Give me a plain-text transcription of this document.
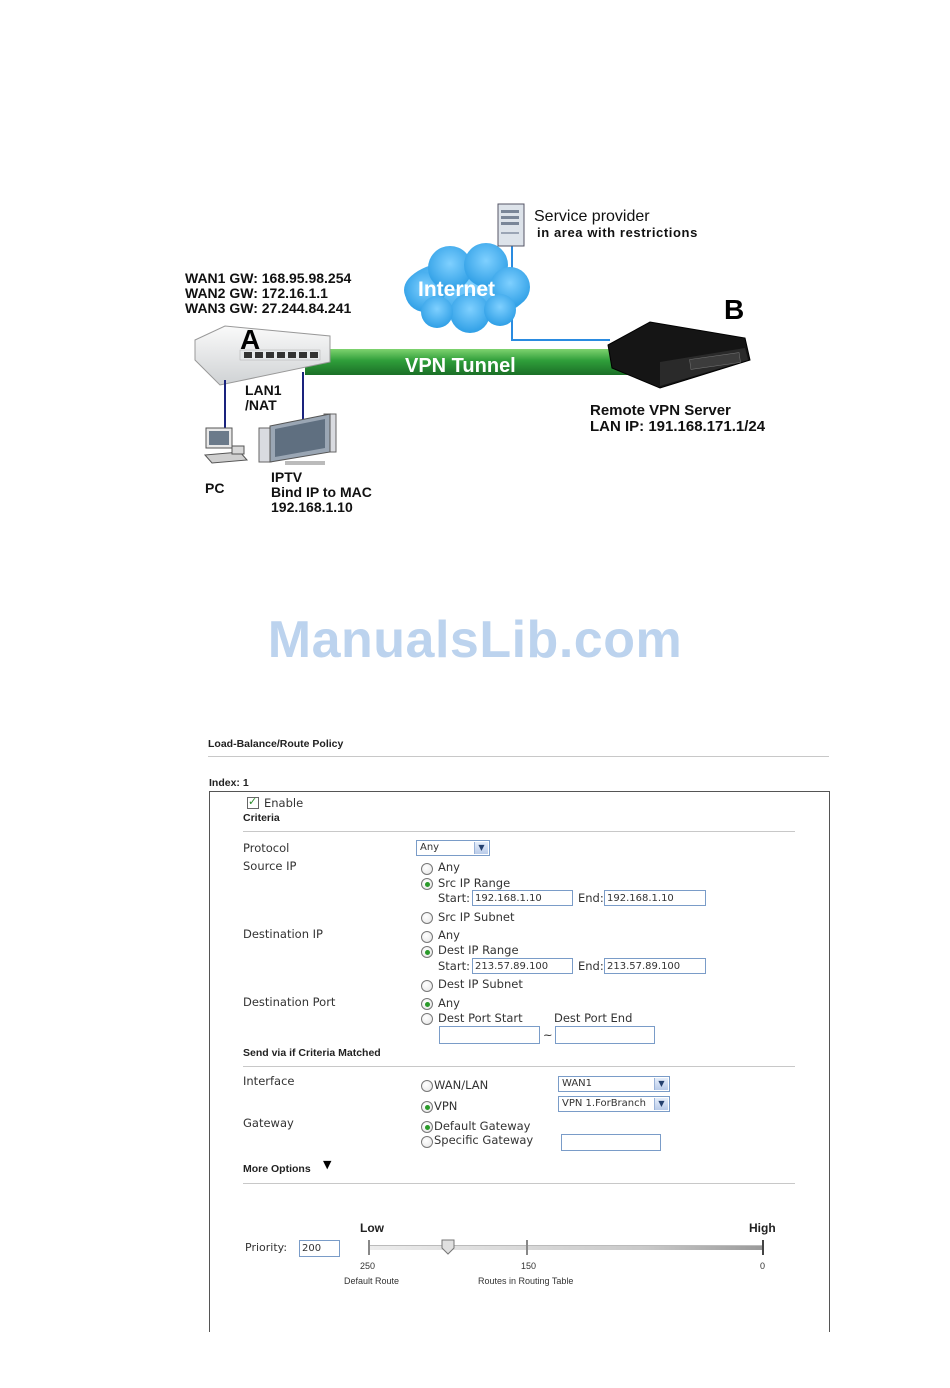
WAN1 GW: 168.95.98.254
WAN2 GW: 172.16.1.1
WAN3 GW: 27.244.84.241
A
B
Internet
VPN Tunnel
Service provider
in area with restrictions
LAN1
/NAT
PC
IPTV
Bind IP to MAC
192.168.1.10
Remote VPN Server
LAN IP: 191.168.171.1/24
ManualsLib.com
Load-Balance/Route Policy
Index: 1
✓
Enable
Criteria
Protocol	Any	▼
Source IP	Any
Src IP Range
Start: 192.168.1.10	End: 192.168.1.10
Src IP Subnet
Destination IP	Any
Dest IP Range
Start: 213.57.89.100	End: 213.57.89.100
Dest IP Subnet
Destination Port	Any
Dest Port Start	Dest Port End
~
Send via if Criteria Matched
Interface	WAN/LAN	WAN1	▼
VPN	VPN 1.ForBranch	▼
Gateway	Default Gateway
Specific Gateway
More Options ▼
Low	High
Priority:	200
250	150	0
Default Route	Routes in Routing Table
